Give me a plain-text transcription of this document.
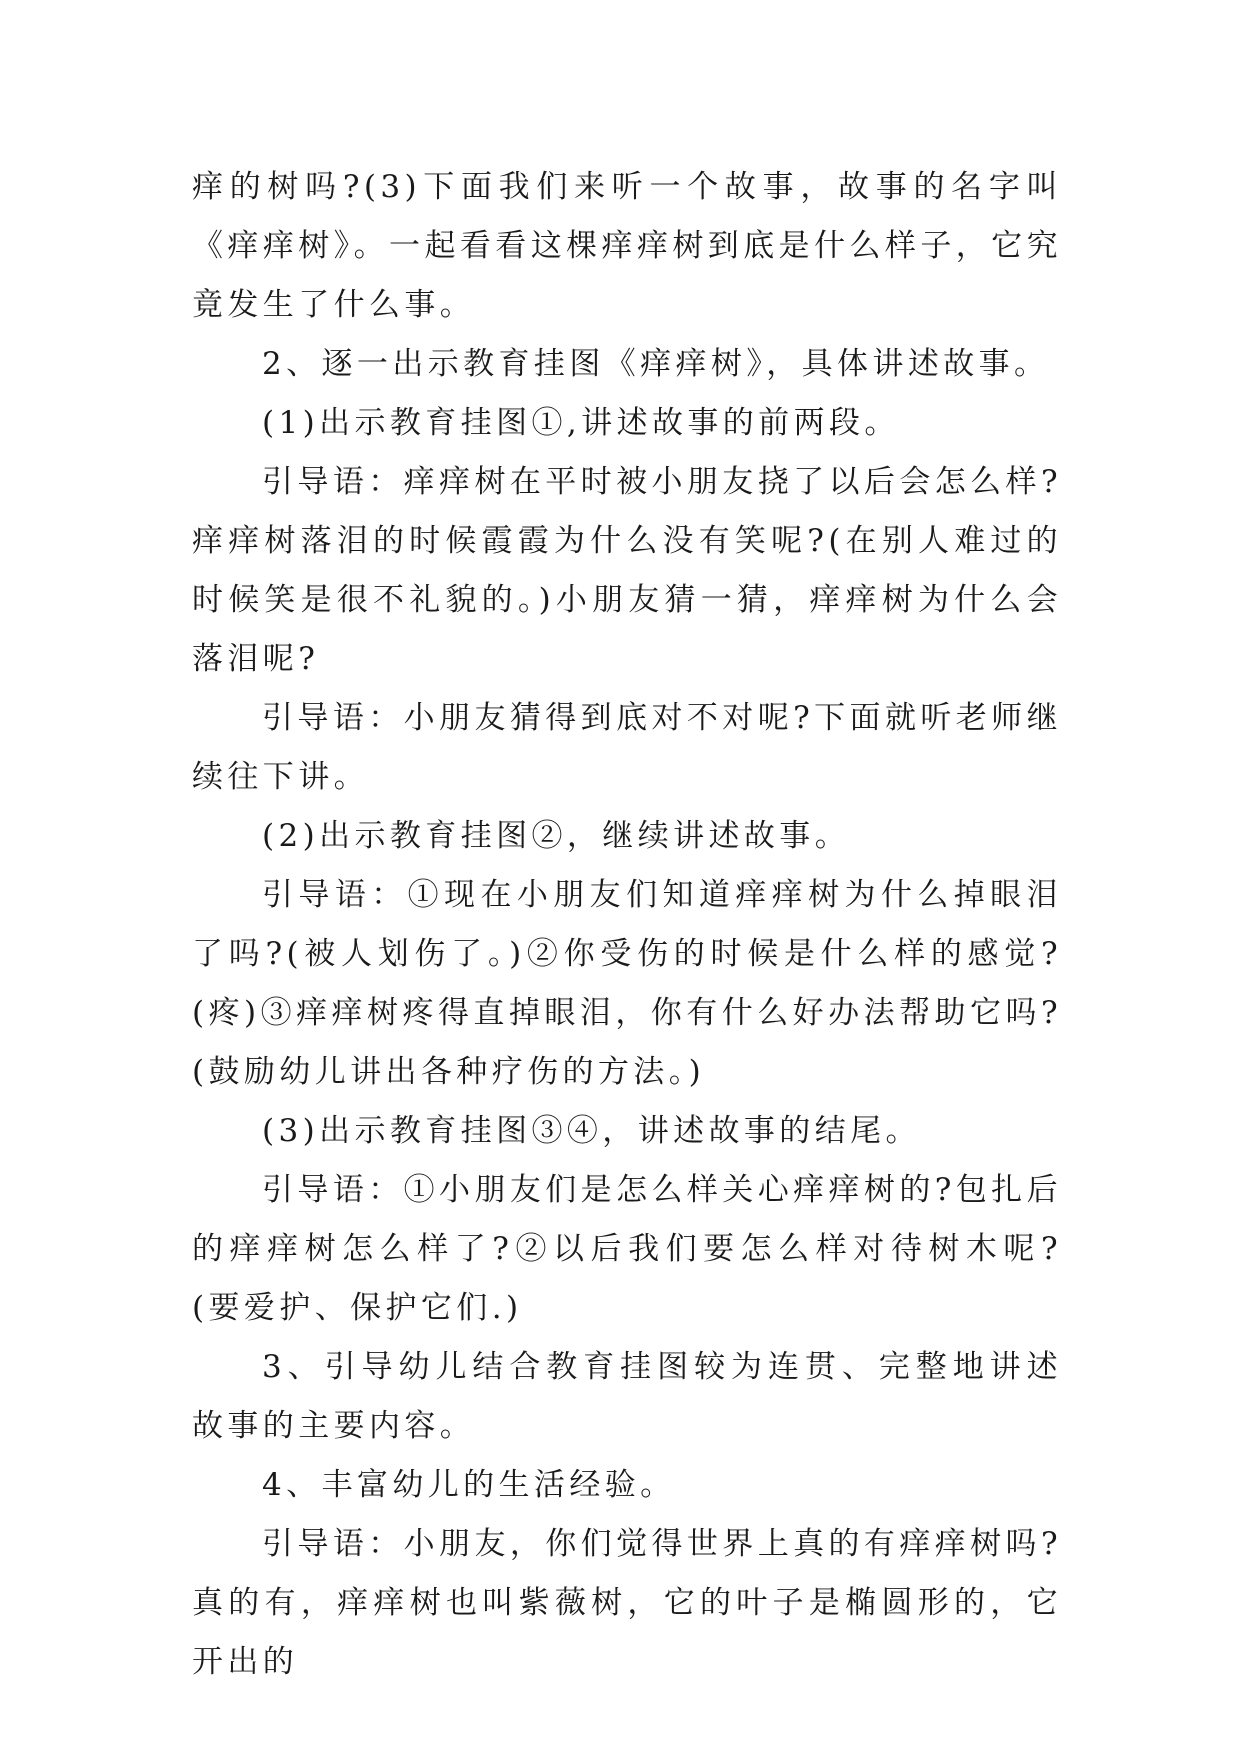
痒的树吗?(3)下面我们来听一个故事，故事的名字叫《痒痒树》。一起看看这棵痒痒树到底是什么样子，它究竟发生了什么事。

2、逐一出示教育挂图《痒痒树》，具体讲述故事。

(1)出示教育挂图①,讲述故事的前两段。

引导语：痒痒树在平时被小朋友挠了以后会怎么样?痒痒树落泪的时候霞霞为什么没有笑呢?(在别人难过的时候笑是很不礼貌的。)小朋友猜一猜，痒痒树为什么会落泪呢?

引导语：小朋友猜得到底对不对呢?下面就听老师继续往下讲。

(2)出示教育挂图②，继续讲述故事。

引导语：①现在小朋友们知道痒痒树为什么掉眼泪了吗?(被人划伤了。)②你受伤的时候是什么样的感觉?(疼)③痒痒树疼得直掉眼泪，你有什么好办法帮助它吗?(鼓励幼儿讲出各种疗伤的方法。)

(3)出示教育挂图③④，讲述故事的结尾。

引导语：①小朋友们是怎么样关心痒痒树的?包扎后的痒痒树怎么样了?②以后我们要怎么样对待树木呢?(要爱护、保护它们.)

3、引导幼儿结合教育挂图较为连贯、完整地讲述故事的主要内容。

4、丰富幼儿的生活经验。

引导语：小朋友，你们觉得世界上真的有痒痒树吗?真的有，痒痒树也叫紫薇树，它的叶子是椭圆形的，它开出的
